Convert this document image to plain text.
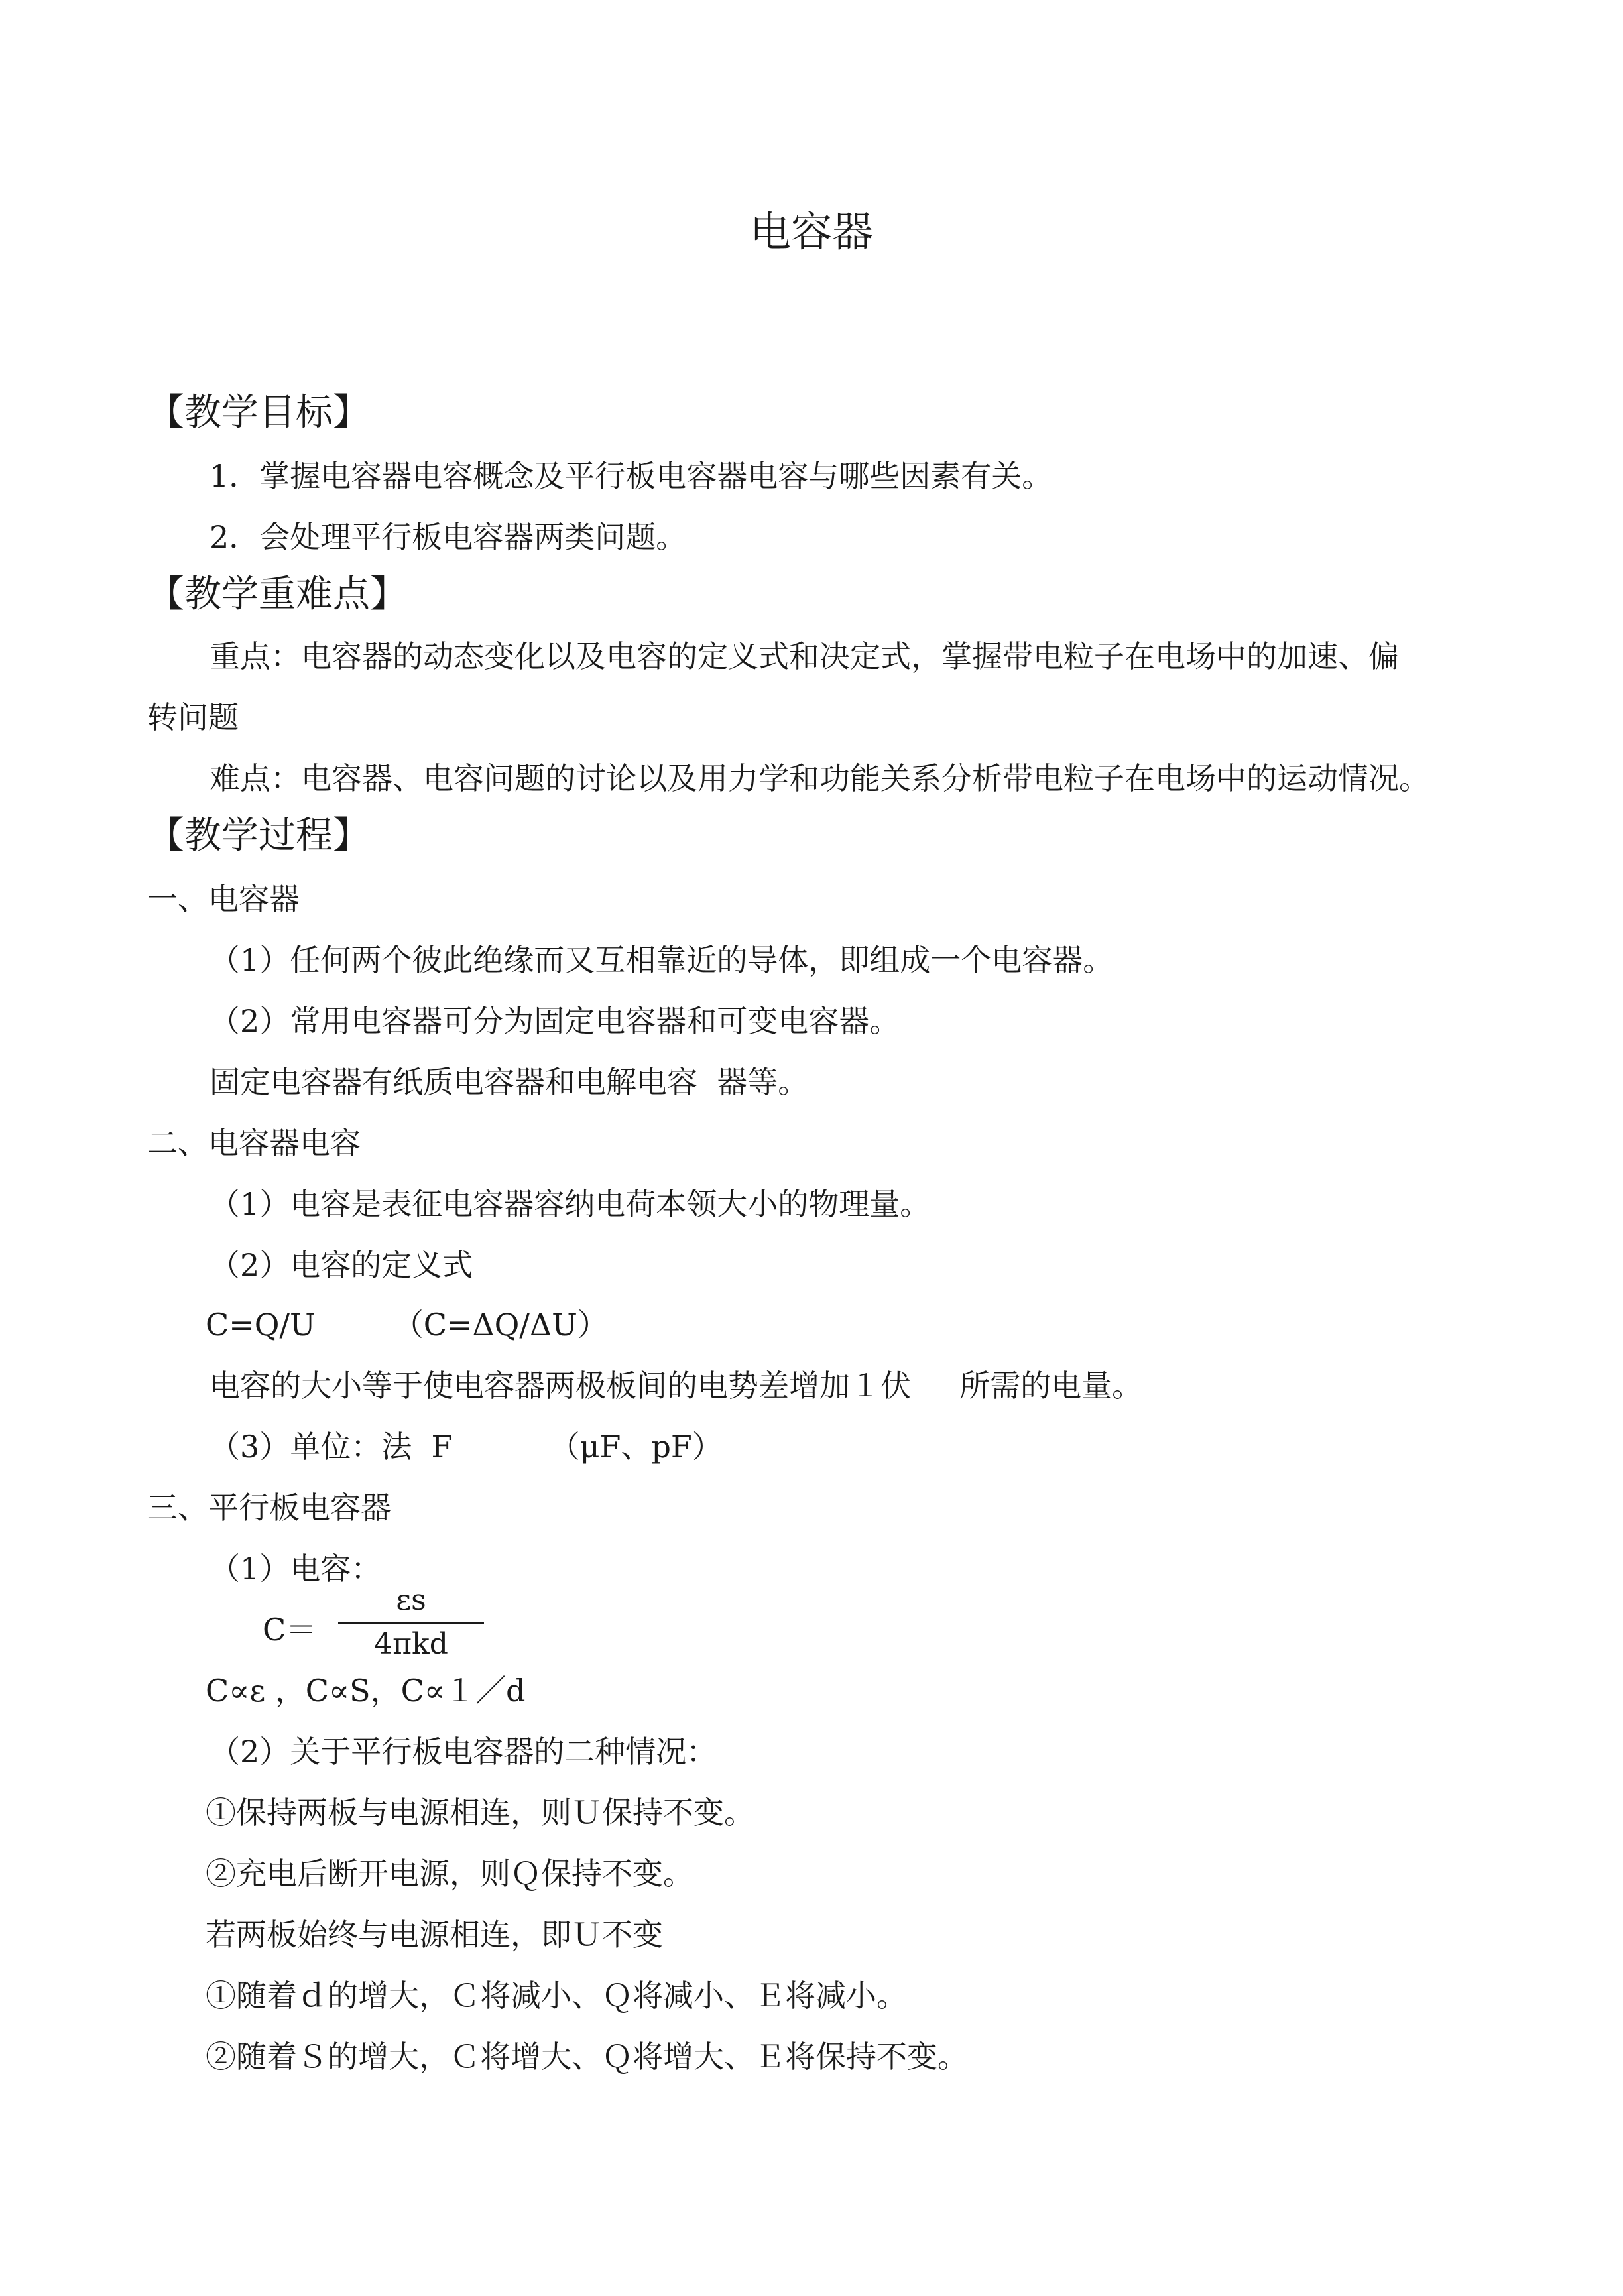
电容器
【教学目标】
1．掌握电容器电容概念及平行板电容器电容与哪些因素有关。
2．会处理平行板电容器两类问题。
【教学重难点】
重点：电容器的动态变化以及电容的定义式和决定式，掌握带电粒子在电场中的加速、偏
转问题
难点：电容器、电容问题的讨论以及用力学和功能关系分析带电粒子在电场中的运动情况。
【教学过程】
一、电容器
（1）任何两个彼此绝缘而又互相靠近的导体，即组成一个电容器。
（2）常用电容器可分为固定电容器和可变电容器。
固定电容器有纸质电容器和电解电容  器等。
二、电容器电容
（1）电容是表征电容器容纳电荷本领大小的物理量。
（2）电容的定义式
C=Q/U        （C=ΔQ/ΔU）
电容的大小等于使电容器两极板间的电势差增加１伏     所需的电量。
（3）单位：法  F          （μF、pF）
三、平行板电容器
（1）电容：
C＝
εs
4πkd
C∝ε ，C∝S，C∝１／d
（2）关于平行板电容器的二种情况：
①保持两板与电源相连，则Ｕ保持不变。
②充电后断开电源，则Ｑ保持不变。
若两板始终与电源相连，即Ｕ不变
①随着ｄ的增大，Ｃ将减小、Ｑ将减小、Ｅ将减小。
②随着Ｓ的增大，Ｃ将增大、Ｑ将增大、Ｅ将保持不变。
